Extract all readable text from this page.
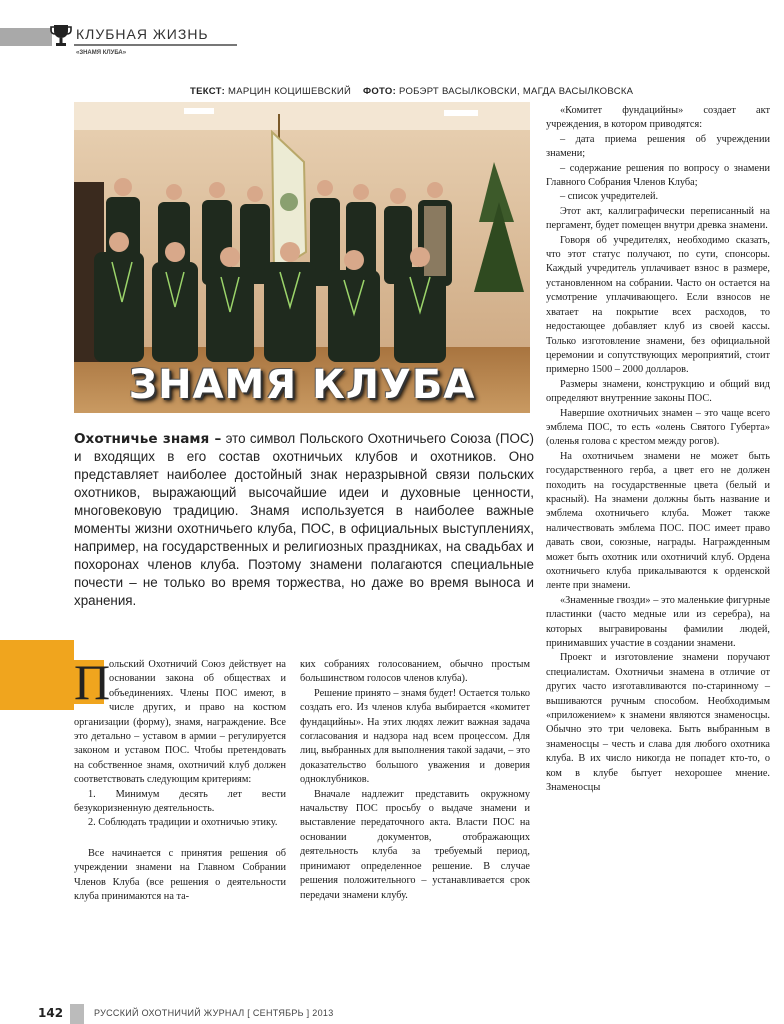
КЛУБНАЯ ЖИЗНЬ
«ЗНАМЯ КЛУБА»
ТЕКСТ: МАРЦИН КОЦИШЕВСКИЙ ФОТО: РОБЭРТ ВАСЫЛКОВСКИ, МАГДА ВАСЫЛКОВСКА
ЗНАМЯ КЛУБА
Охотничье знамя – это символ Польского Охотничьего Союза (ПОС) и входящих в его состав охотничьих клубов и охотников. Оно представляет наиболее достойный знак неразрывной связи польских охотников, выражающий высочайшие идеи и духовные ценности, многовековую традицию. Знамя используется в наиболее важные моменты жизни охотничьего клуба, ПОС, в официальных выступлениях, например, на государственных и религиозных праздниках, на свадьбах и похоронах членов клуба. Поэтому знамени полагаются специальные почести – не только во время торжества, но даже во время выноса и хранения.

П
ольский Охотничий Союз действует на основании закона об обществах и объединениях. Члены ПОС имеют, в числе других, и право на костюм организации (форму), знамя, награждение. Все это детально – уставом в армии – регулируется законом и уставом ПОС. Чтобы претендовать на собственное знамя, охотничий клуб должен соответствовать следующим критериям:

1. Минимум десять лет вести безукоризненную деятельность.

2. Соблюдать традиции и охотничью этику.

Все начинается с принятия решения об учреждении знамени на Главном Собрании Членов Клуба (все решения о деятельности клуба принимаются на та-

ких собраниях голосованием, обычно простым большинством голосов членов клуба).

Решение принято – знамя будет! Остается только создать его. Из членов клуба выбирается «комитет фундацийны». На этих людях лежит важная задача согласования и надзора над всем процессом. Для лиц, выбранных для выполнения такой задачи, – это доказательство большого уважения и доверия одноклубников.

Вначале надлежит представить окружному начальству ПОС просьбу о выдаче знамени и выставление передаточного акта. Власти ПОС на основании документов, отображающих деятельность клуба за требуемый период, принимают определенное решение. В случае решения положительного – устанавливается срок передачи знамени клубу.

«Комитет фундацийны» создает акт учреждения, в котором приводятся:

– дата приема решения об учреждении знамени;

– содержание решения по вопросу о знамени Главного Собрания Членов Клуба;

– список учредителей.

Этот акт, каллиграфически переписанный на пергамент, будет помещен внутри древка знамени.

Говоря об учредителях, необходимо сказать, что этот статус получают, по сути, спонсоры. Каждый учредитель уплачивает взнос в размере, установленном на собрании. Часто он остается на усмотрение уплачивающего. Если взносов не хватает на покрытие всех расходов, то недостающее добавляет клуб из своей кассы. Только изготовление знамени, без официальной церемонии и сопутствующих мероприятий, стоит примерно 1500 – 2000 долларов.

Размеры знамени, конструкцию и общий вид определяют внутренние законы ПОС.

Навершие охотничьих знамен – это чаще всего эмблема ПОС, то есть «олень Святого Губерта» (оленья голова с крестом между рогов).

На охотничьем знамени не может быть государственного герба, а цвет его не должен походить на государственные цвета (белый и красный). На знамени должны быть название и эмблема охотничьего клуба. Может также наличествовать эмблема ПОС. ПОС имеет право давать свои, союзные, награды. Награжденным может быть охотник или охотничий клуб. Ордена охотничьего клуба прикалываются к орденской ленте при знамени.

«Знаменные гвозди» – это маленькие фигурные пластинки (часто медные или из серебра), на которых выгравированы фамилии людей, принимавших участие в создании знамени.

Проект и изготовление знамени поручают специалистам. Охотничьи знамена в отличие от других часто изготавливаются по-старинному – вышиваются ручным способом. Необходимым «приложением» к знамени являются знаменосцы. Обычно это три человека. Быть выбранным в знаменосцы – честь и слава для любого охотника клуба. В их число никогда не попадет кто-то, о ком в клубе бытует нехорошее мнение. Знаменосцы

142	РУССКИЙ ОХОТНИЧИЙ ЖУРНАЛ [ СЕНТЯБРЬ ] 2013
